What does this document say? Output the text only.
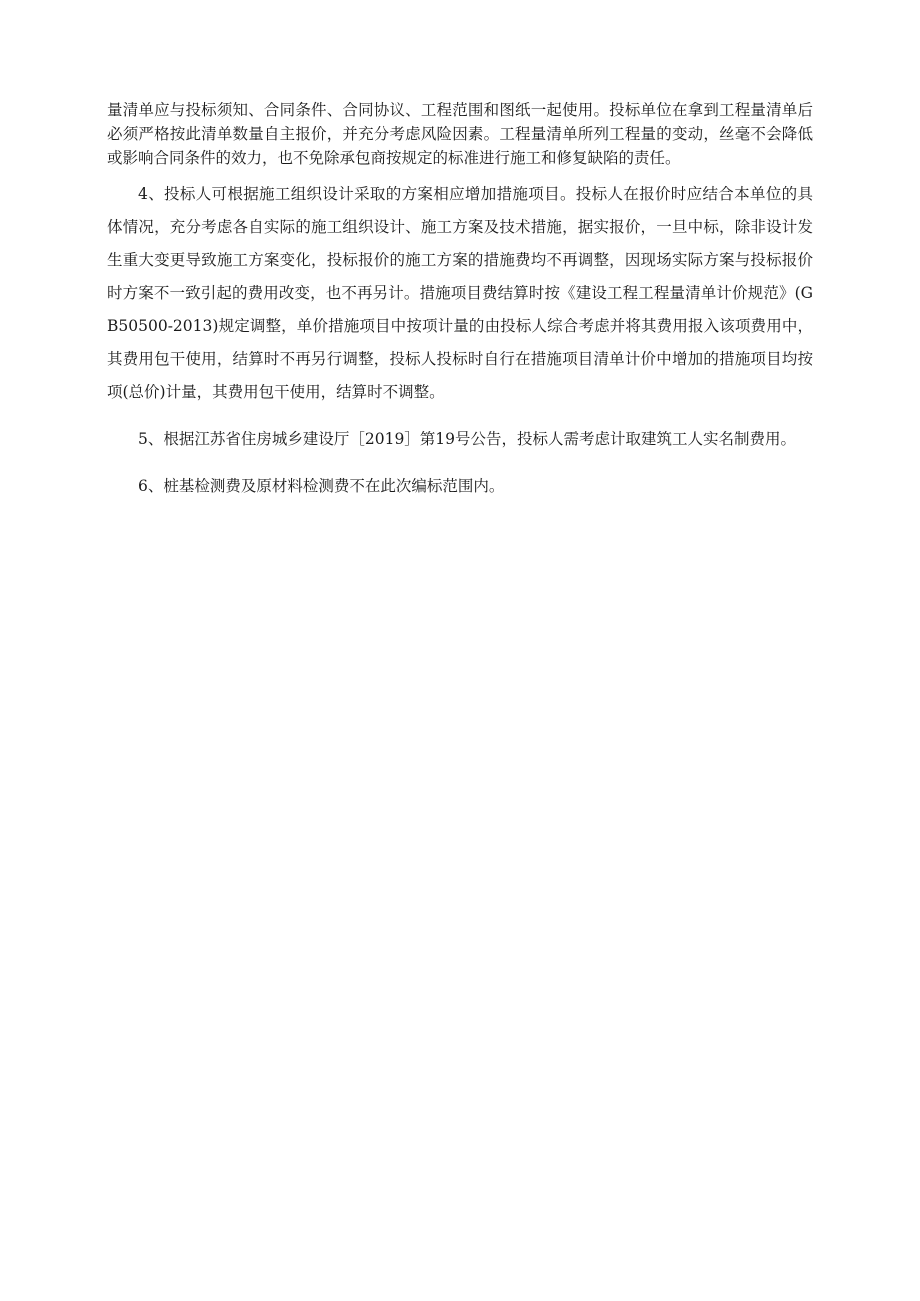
量清单应与投标须知、合同条件、合同协议、工程范围和图纸一起使用。投标单位在拿到工程量清单后必须严格按此清单数量自主报价，并充分考虑风险因素。工程量清单所列工程量的变动，丝毫不会降低或影响合同条件的效力，也不免除承包商按规定的标准进行施工和修复缺陷的责任。

4、投标人可根据施工组织设计采取的方案相应增加措施项目。投标人在报价时应结合本单位的具体情况，充分考虑各自实际的施工组织设计、施工方案及技术措施，据实报价，一旦中标，除非设计发生重大变更导致施工方案变化，投标报价的施工方案的措施费均不再调整，因现场实际方案与投标报价时方案不一致引起的费用改变，也不再另计。措施项目费结算时按《建设工程工程量清单计价规范》(GB50500-2013)规定调整，单价措施项目中按项计量的由投标人综合考虑并将其费用报入该项费用中，其费用包干使用，结算时不再另行调整，投标人投标时自行在措施项目清单计价中增加的措施项目均按项(总价)计量，其费用包干使用，结算时不调整。

5、根据江苏省住房城乡建设厅［2019］第19号公告，投标人需考虑计取建筑工人实名制费用。

6、桩基检测费及原材料检测费不在此次编标范围内。
